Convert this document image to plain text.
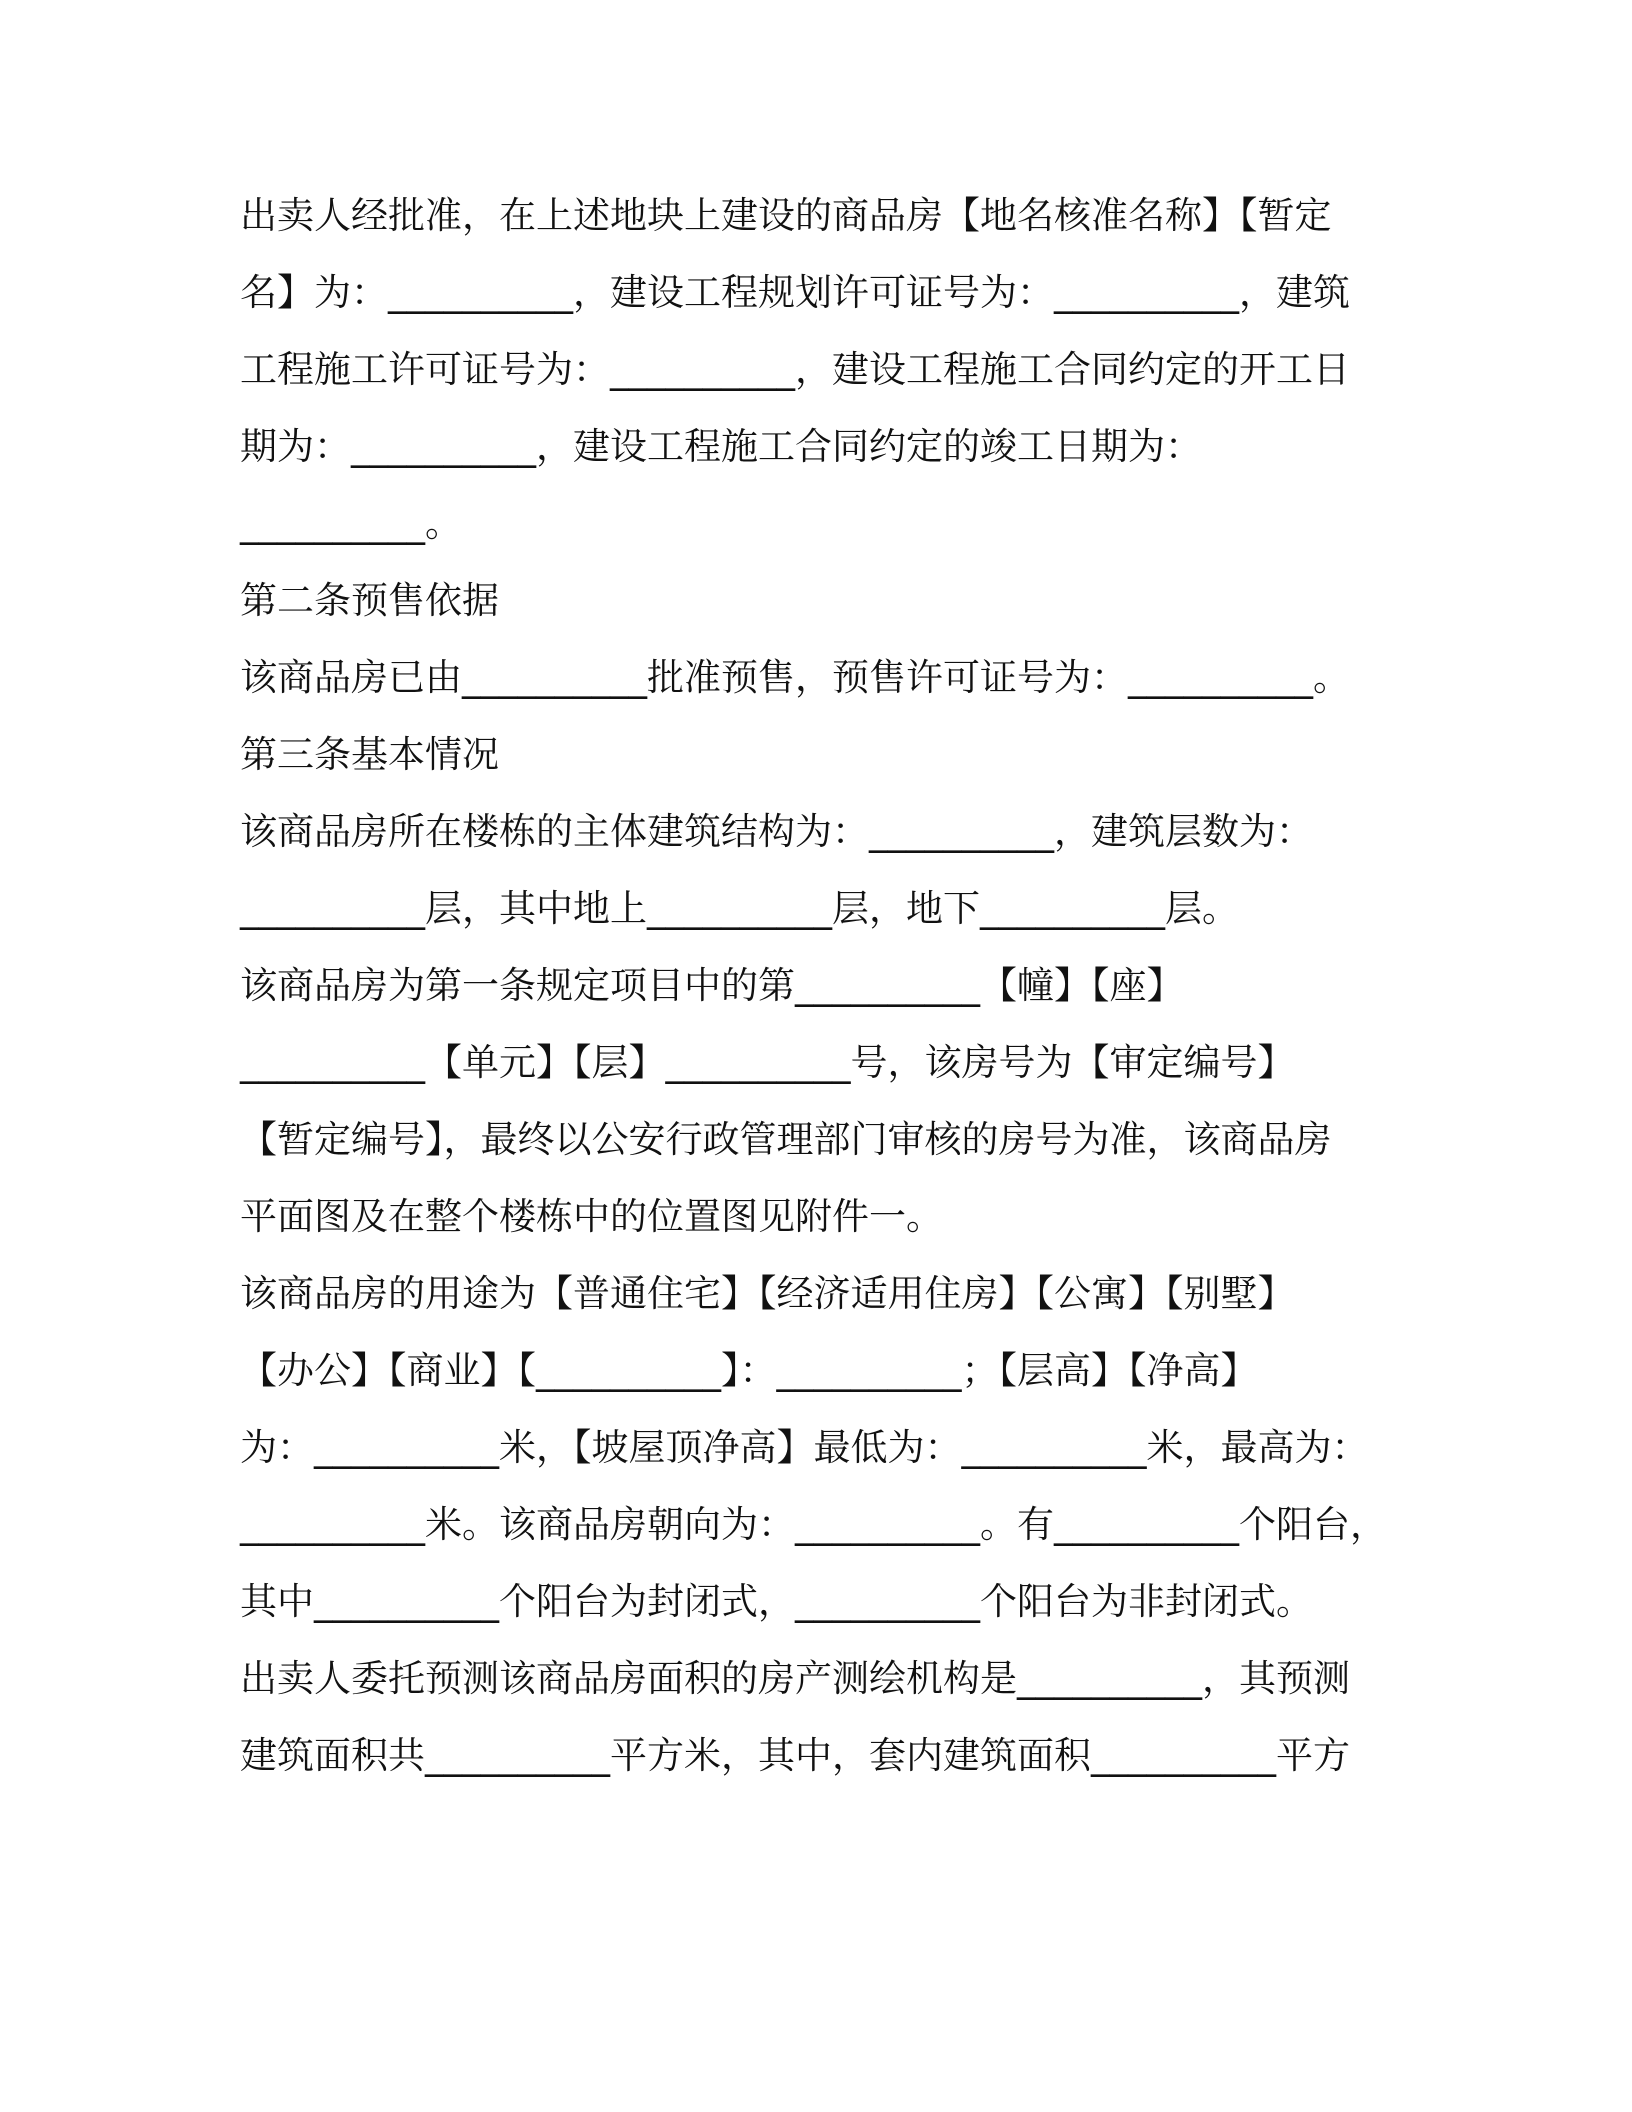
出卖人经批准，在上述地块上建设的商品房【地名核准名称】【暂定

名】为：__________，建设工程规划许可证号为：__________，建筑

工程施工许可证号为：__________，建设工程施工合同约定的开工日

期为：__________，建设工程施工合同约定的竣工日期为：

__________。

第二条预售依据

该商品房已由__________批准预售，预售许可证号为：__________。

第三条基本情况

该商品房所在楼栋的主体建筑结构为：__________，建筑层数为：

__________层，其中地上__________层，地下__________层。

该商品房为第一条规定项目中的第__________【幢】【座】

__________【单元】【层】__________号，该房号为【审定编号】

【暂定编号】，最终以公安行政管理部门审核的房号为准，该商品房

平面图及在整个楼栋中的位置图见附件一。

该商品房的用途为【普通住宅】【经济适用住房】【公寓】【别墅】

【办公】【商业】【__________】：__________；【层高】【净高】

为：__________米，【坡屋顶净高】最低为：__________米，最高为：

__________米。该商品房朝向为：__________。有__________个阳台，

其中__________个阳台为封闭式，__________个阳台为非封闭式。

出卖人委托预测该商品房面积的房产测绘机构是__________，其预测

建筑面积共__________平方米，其中，套内建筑面积__________平方
